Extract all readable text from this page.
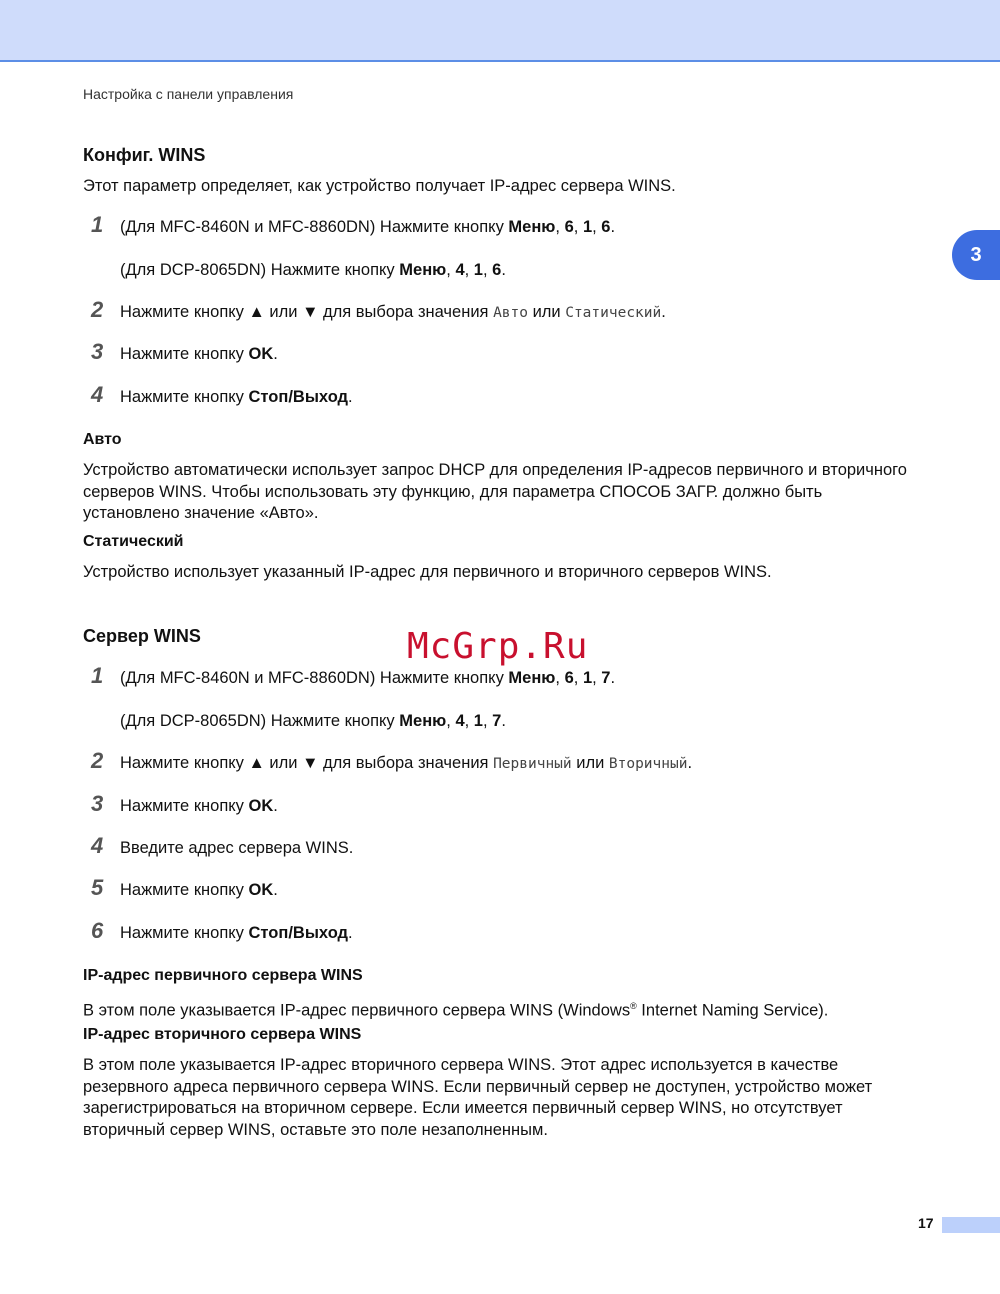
Настройка с панели управления
3
Конфиг. WINS
Этот параметр определяет, как устройство получает IP-адрес сервера WINS.
1	(Для MFC-8460N и MFC-8860DN) Нажмите кнопку Меню, 6, 1, 6.
(Для DCP-8065DN) Нажмите кнопку Меню, 4, 1, 6.
2	Нажмите кнопку ▲ или ▼ для выбора значения Авто или Статический.
3	Нажмите кнопку OK.
4	Нажмите кнопку Стоп/Выход.
Авто
Устройство автоматически использует запрос DHCP для определения IP-адресов первичного и вторичного серверов WINS. Чтобы использовать эту функцию, для параметра СПОСОБ ЗАГР. должно быть установлено значение «Авто».
Статический
Устройство использует указанный IP-адрес для первичного и вторичного серверов WINS.
Сервер WINS
1	(Для MFC-8460N и MFC-8860DN) Нажмите кнопку Меню, 6, 1, 7.
(Для DCP-8065DN) Нажмите кнопку Меню, 4, 1, 7.
2	Нажмите кнопку ▲ или ▼ для выбора значения Первичный или Вторичный.
3	Нажмите кнопку OK.
4	Введите адрес сервера WINS.
5	Нажмите кнопку OK.
6	Нажмите кнопку Стоп/Выход.
IP-адрес первичного сервера WINS
В этом поле указывается IP-адрес первичного сервера WINS (Windows® Internet Naming Service).
IP-адрес вторичного сервера WINS
В этом поле указывается IP-адрес вторичного сервера WINS. Этот адрес используется в качестве резервного адреса первичного сервера WINS. Если первичный сервер не доступен, устройство может зарегистрироваться на вторичном сервере. Если имеется первичный сервер WINS, но отсутствует вторичный сервер WINS, оставьте это поле незаполненным.
McGrp.Ru
17
